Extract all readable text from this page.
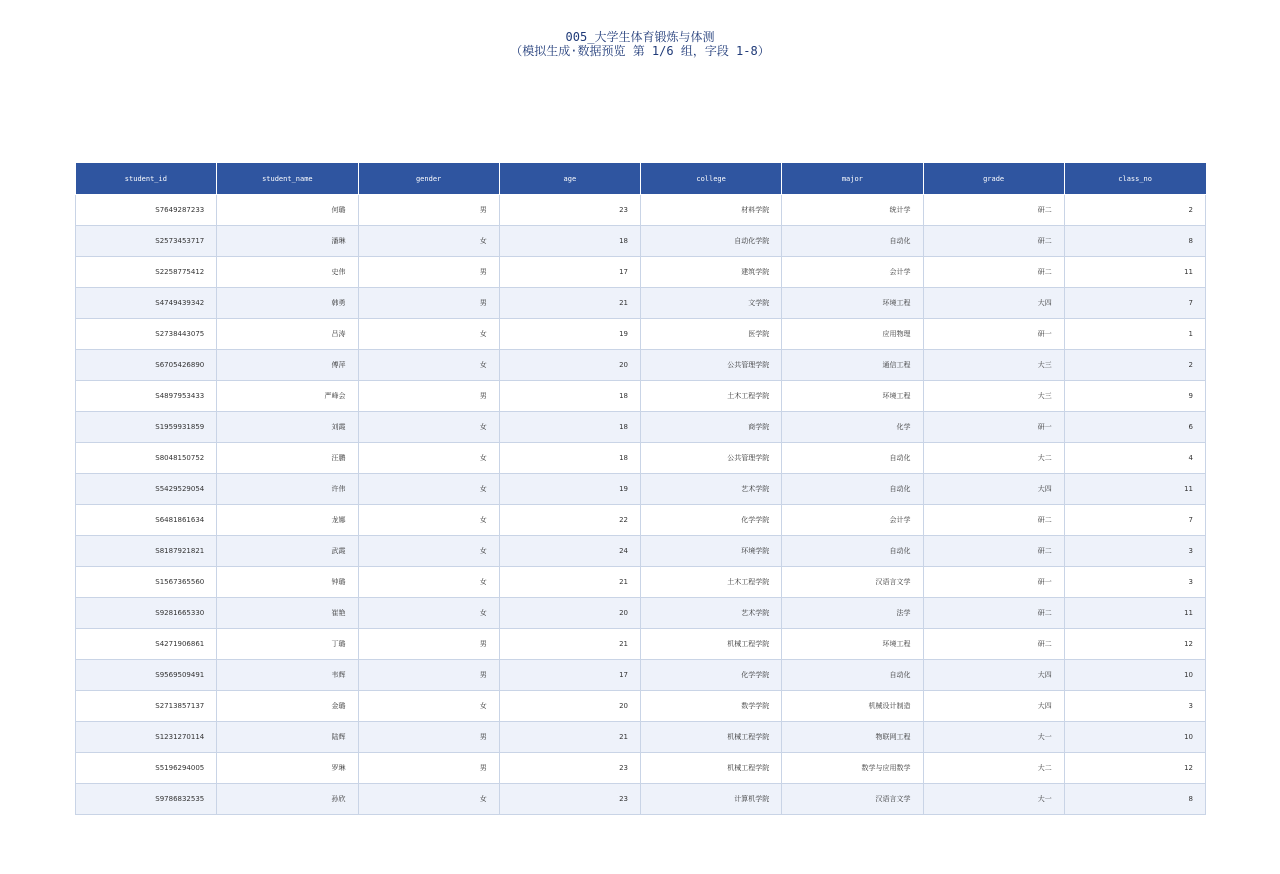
005_大学生体育锻炼与体测
（模拟生成·数据预览 第 1/6 组，字段 1-8）
student_id	student_name	gender	age	college	major	grade	class_no
S7649287233	何璐	男	23	材料学院	统计学	研二	2
S2573453717	潘琳	女	18	自动化学院	自动化	研二	8
S2258775412	史伟	男	17	建筑学院	会计学	研二	11
S4749439342	韩勇	男	21	文学院	环境工程	大四	7
S2738443075	吕涛	女	19	医学院	应用物理	研一	1
S6705426890	傅萍	女	20	公共管理学院	通信工程	大三	2
S4897953433	严峰会	男	18	土木工程学院	环境工程	大三	9
S1959931859	刘霞	女	18	商学院	化学	研一	6
S8048150752	汪鹏	女	18	公共管理学院	自动化	大二	4
S5429529054	许伟	女	19	艺术学院	自动化	大四	11
S6481861634	龙娜	女	22	化学学院	会计学	研二	7
S8187921821	武霞	女	24	环境学院	自动化	研二	3
S1567365560	钟璐	女	21	土木工程学院	汉语言文学	研一	3
S9281665330	崔艳	女	20	艺术学院	法学	研二	11
S4271906861	丁璐	男	21	机械工程学院	环境工程	研二	12
S9569509491	韦辉	男	17	化学学院	自动化	大四	10
S2713857137	金璐	女	20	数学学院	机械设计制造	大四	3
S1231270114	陆辉	男	21	机械工程学院	物联网工程	大一	10
S5196294005	罗琳	男	23	机械工程学院	数学与应用数学	大二	12
S9786832535	孙欣	女	23	计算机学院	汉语言文学	大一	8
